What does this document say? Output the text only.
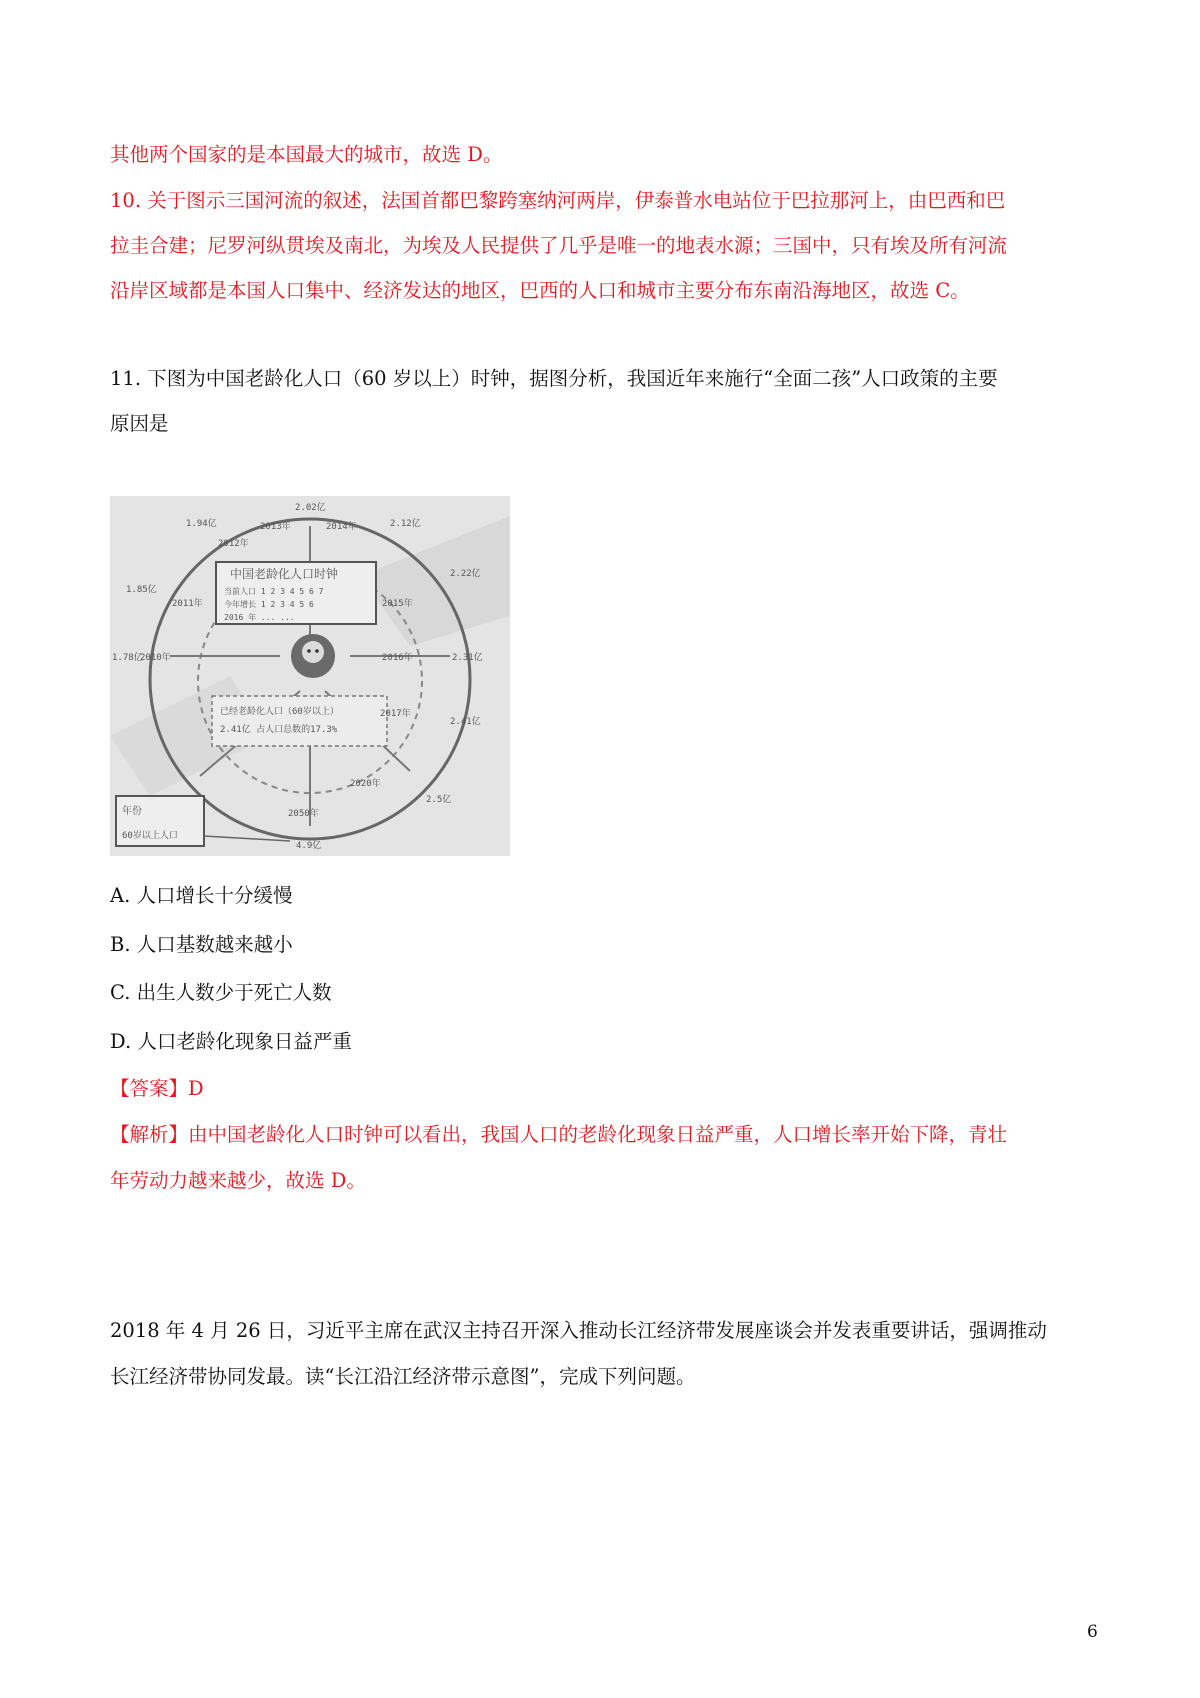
其他两个国家的是本国最大的城市，故选 D。
10. 关于图示三国河流的叙述，法国首都巴黎跨塞纳河两岸，伊泰普水电站位于巴拉那河上，由巴西和巴
拉圭合建；尼罗河纵贯埃及南北，为埃及人民提供了几乎是唯一的地表水源；三国中，只有埃及所有河流
沿岸区域都是本国人口集中、经济发达的地区，巴西的人口和城市主要分布东南沿海地区，故选 C。
11. 下图为中国老龄化人口（60 岁以上）时钟，据图分析，我国近年来施行“全面二孩”人口政策的主要
原因是
中国老龄化人口时钟
当前人口 1 2 3 4 5 6 7
今年增长 1 2 3 4 5 6
2016 年 ... ...
已经老龄化人口（60岁以上）
2.41亿 占人口总数的17.3%
2012年
2013年	2014年
2015年
2011年
2010年	2016年
2017年
2020年
2050年
2.02亿
1.94亿	2.12亿
2.22亿
1.85亿
1.78亿	2.31亿
2.41亿
2.5亿
4.9亿
年份
60岁以上人口
A. 人口增长十分缓慢
B. 人口基数越来越小
C. 出生人数少于死亡人数
D. 人口老龄化现象日益严重
【答案】D
【解析】由中国老龄化人口时钟可以看出，我国人口的老龄化现象日益严重，人口增长率开始下降，青壮
年劳动力越来越少，故选 D。
2018 年 4 月 26 日，习近平主席在武汉主持召开深入推动长江经济带发展座谈会并发表重要讲话，强调推动
长江经济带协同发最。读“长江沿江经济带示意图”，完成下列问题。
6
